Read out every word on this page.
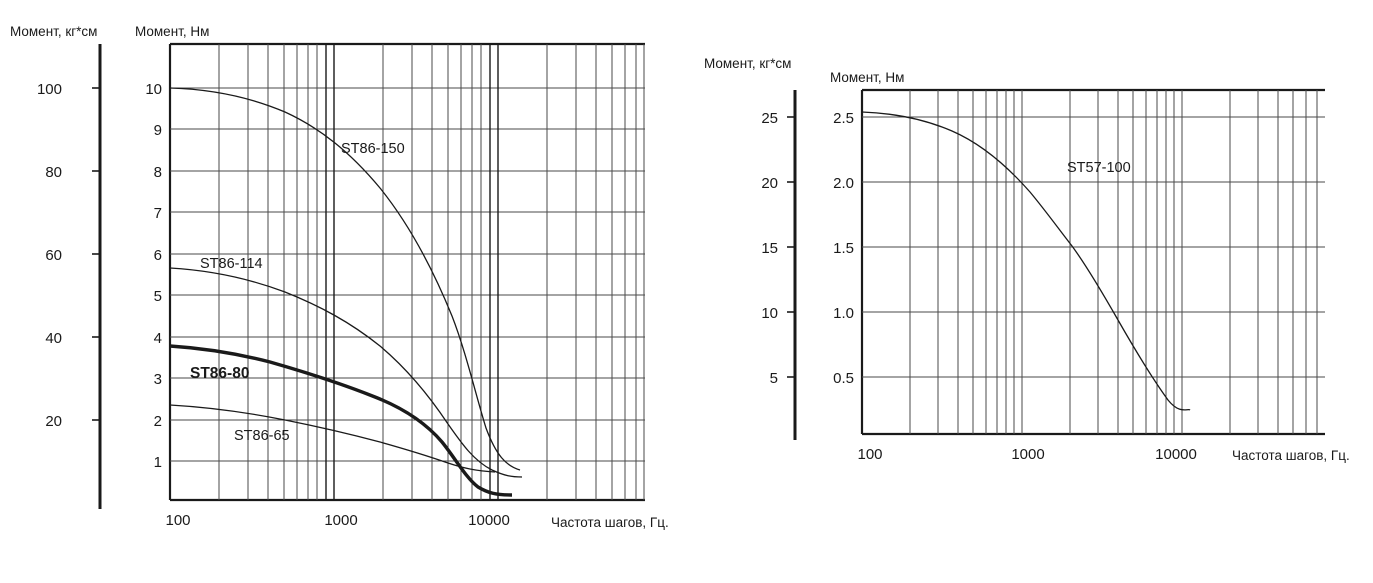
Момент, кг*см	Момент, Нм
Частота шагов, Гц.
100
80
60
40
20
10
9
8
7
6
5
4
3
2
1
100	1000	10000
ST86-150
ST86-114
ST86-80
ST86-65
Момент, кг*см
Момент, Нм
Частота шагов, Гц.
25
20
15
10
5
2.5
2.0
1.5
1.0
0.5
100	1000	10000
ST57-100
